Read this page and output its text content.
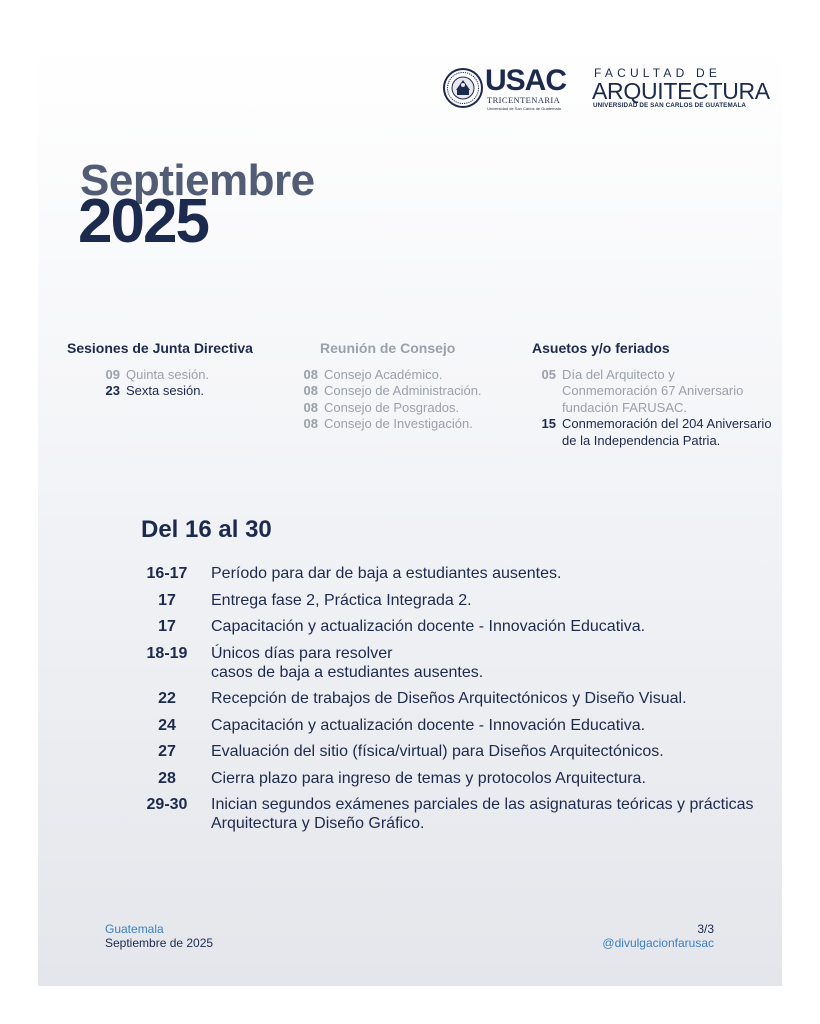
USAC
TRICENTENARIA
Universidad de San Carlos de Guatemala
FACULTAD DE
ARQUITECTURA
UNIVERSIDAD DE SAN CARLOS DE GUATEMALA
Septiembre
2025
Sesiones de Junta Directiva
09 Quinta sesión.
23 Sexta sesión.
Reunión de Consejo
08 Consejo Académico.
08 Consejo de Administración.
08 Consejo de Posgrados.
08 Consejo de Investigación.
Asuetos y/o feriados
05 Día del Arquitecto y Conmemoración 67 Aniversario fundación FARUSAC.
15 Conmemoración del 204 Aniversario de la Independencia Patria.
Del 16 al 30
16-17	Período para dar de baja a estudiantes ausentes.
17	Entrega fase 2, Práctica Integrada 2.
17	Capacitación y actualización docente - Innovación Educativa.
18-19	Únicos días para resolver
casos de baja a estudiantes ausentes.
22	Recepción de trabajos de Diseños Arquitectónicos y Diseño Visual.
24	Capacitación y actualización docente - Innovación Educativa.
27	Evaluación del sitio (física/virtual) para Diseños Arquitectónicos.
28	Cierra plazo para ingreso de temas y protocolos Arquitectura.
29-30	Inician segundos exámenes parciales de las asignaturas teóricas y prácticas Arquitectura y Diseño Gráfico.
Guatemala
Septiembre de 2025
3/3
@divulgacionfarusac
